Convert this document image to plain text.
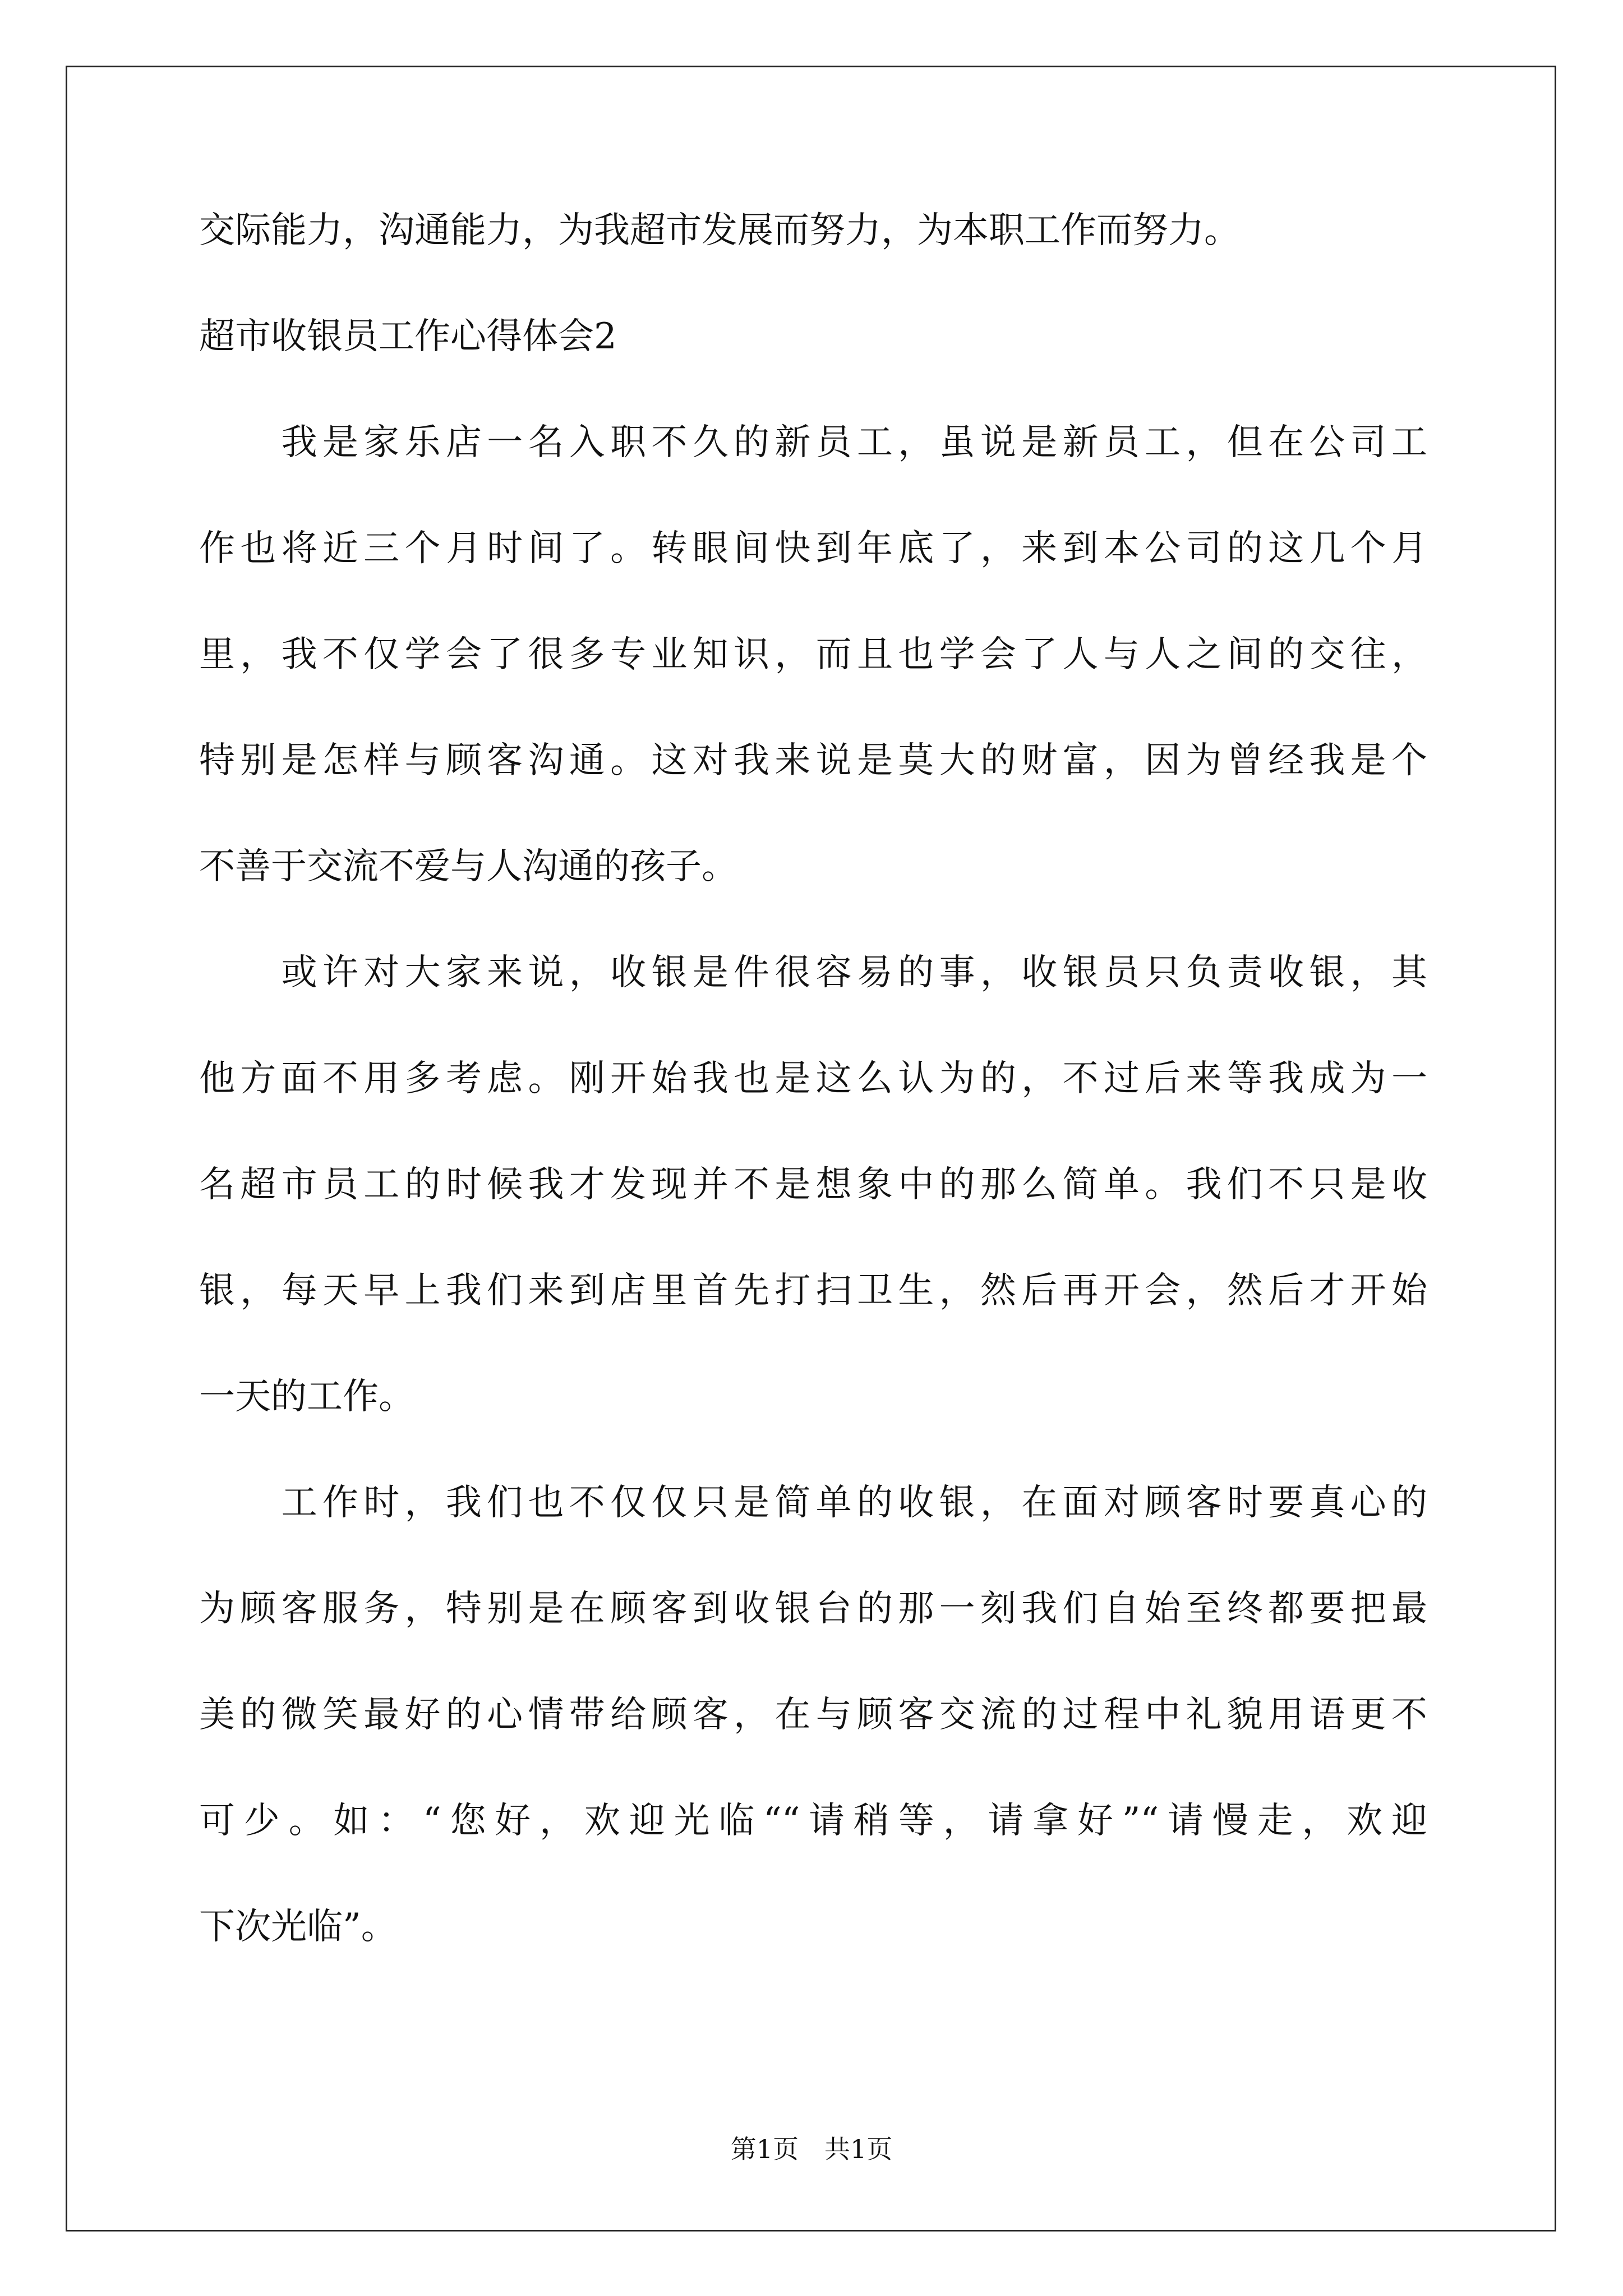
交际能力，沟通能力，为我超市发展而努力，为本职工作而努力。

超市收银员工作心得体会2

　　我是家乐店一名入职不久的新员工，虽说是新员工，但在公司工

作也将近三个月时间了。转眼间快到年底了，来到本公司的这几个月

里，我不仅学会了很多专业知识，而且也学会了人与人之间的交往，

特别是怎样与顾客沟通。这对我来说是莫大的财富，因为曾经我是个

不善于交流不爱与人沟通的孩子。

　　或许对大家来说，收银是件很容易的事，收银员只负责收银，其

他方面不用多考虑。刚开始我也是这么认为的，不过后来等我成为一

名超市员工的时候我才发现并不是想象中的那么简单。我们不只是收

银，每天早上我们来到店里首先打扫卫生，然后再开会，然后才开始

一天的工作。

　　工作时，我们也不仅仅只是简单的收银，在面对顾客时要真心的

为顾客服务，特别是在顾客到收银台的那一刻我们自始至终都要把最

美的微笑最好的心情带给顾客，在与顾客交流的过程中礼貌用语更不

可少。如：“您好，欢迎光临““请稍等，请拿好”“请慢走，欢迎

下次光临”。

第1页　共1页
